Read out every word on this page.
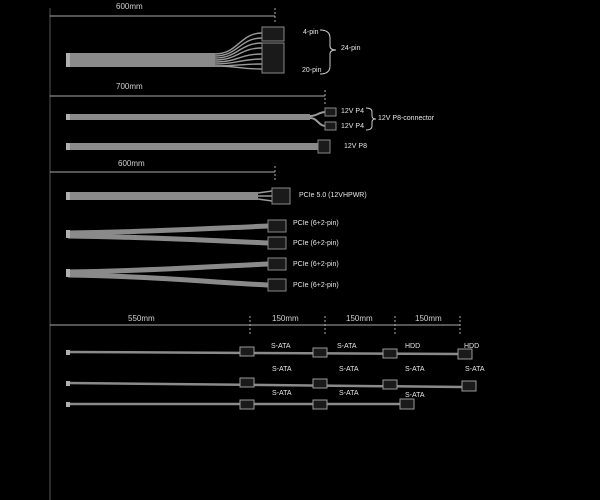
600mm
4-pin
20-pin
24-pin
700mm
12V P4
12V P4
12V P8-connector
12V P8
600mm
PCIe 5.0 (12VHPWR)
PCIe (6+2-pin)
PCIe (6+2-pin)
PCIe (6+2-pin)
PCIe (6+2-pin)
550mm	150mm	150mm	150mm
S-ATA	S-ATA	HDD	HDD
S-ATA	S-ATA	S-ATA	S-ATA
S-ATA	S-ATA	S-ATA
